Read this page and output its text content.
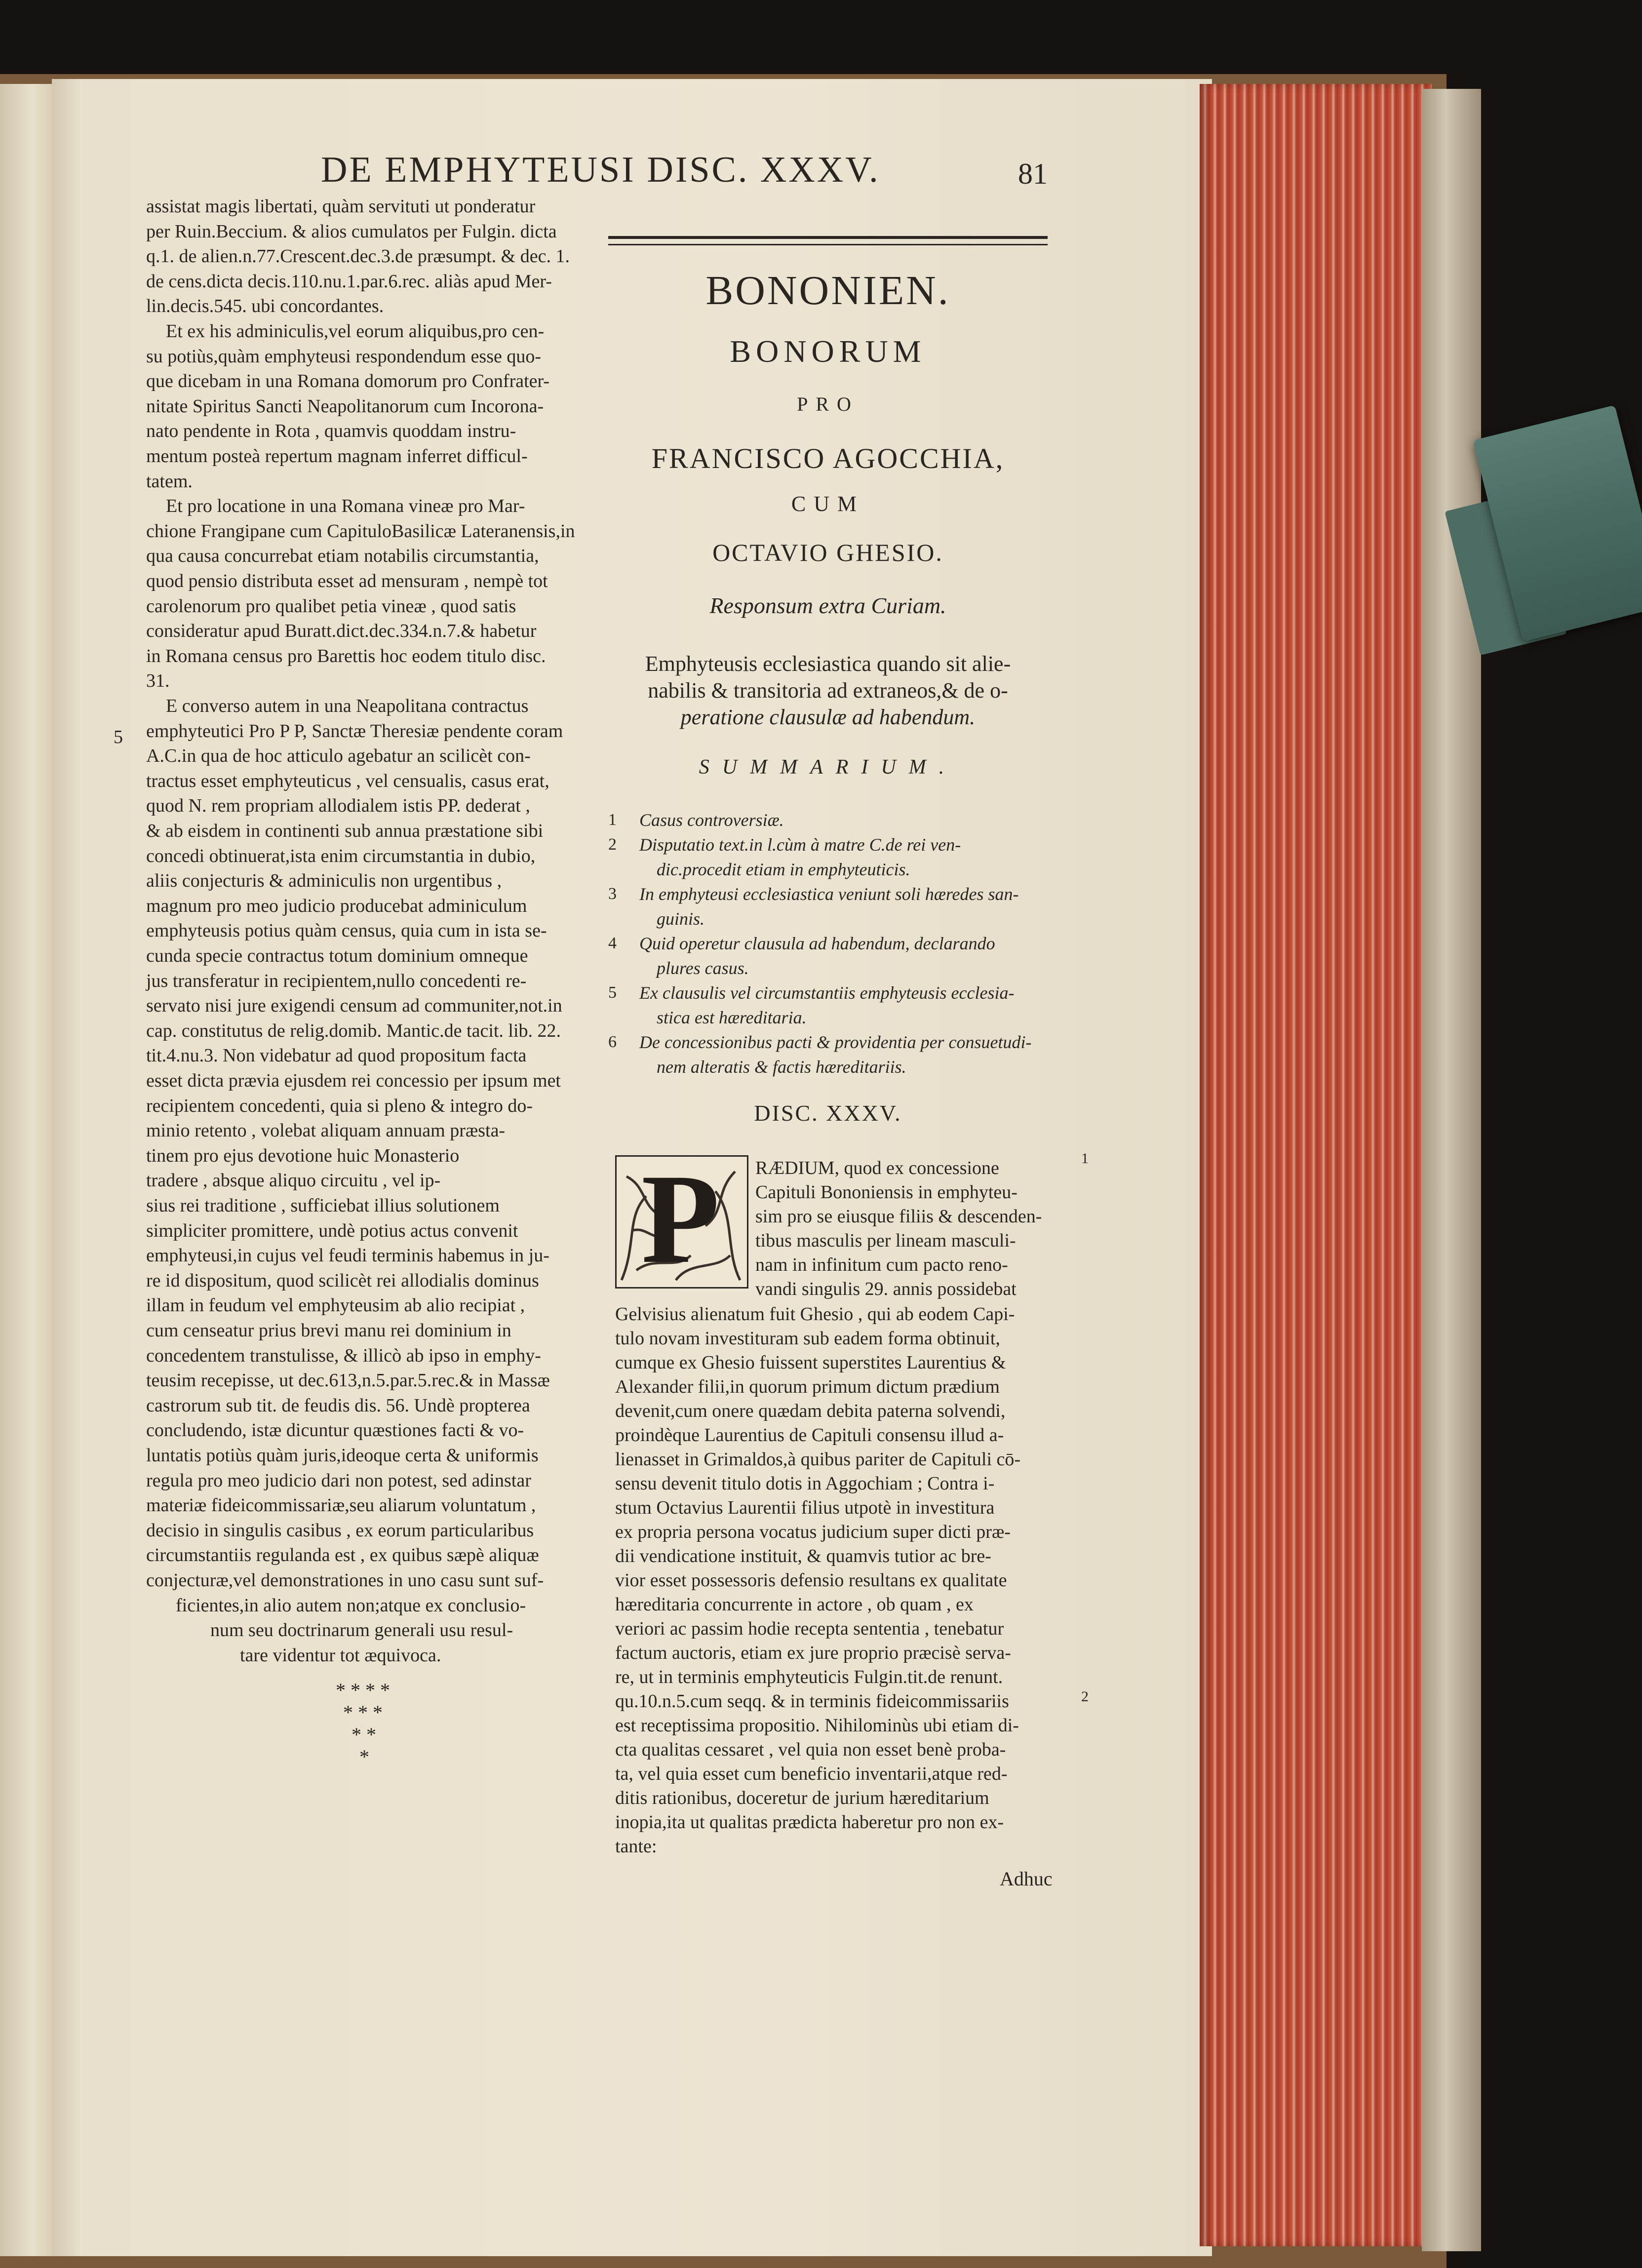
DE EMPHYTEUSI DISC. XXXV.	81
assistat magis libertati, quàm servituti ut ponderatur
per Ruin.Beccium. & alios cumulatos per Fulgin. dicta
q.1. de alien.n.77.Crescent.dec.3.de præsumpt. & dec. 1.
de cens.dicta decis.110.nu.1.par.6.rec. aliàs apud Mer-
lin.decis.545. ubi concordantes.
Et ex his adminiculis,vel eorum aliquibus,pro cen-
su potiùs,quàm emphyteusi respondendum esse quo-
que dicebam in una Romana domorum pro Confrater-
nitate Spiritus Sancti Neapolitanorum cum Incorona-
nato pendente in Rota , quamvis quoddam instru-
mentum posteà repertum magnam inferret difficul-
tatem.
Et pro locatione in una Romana vineæ pro Mar-
chione Frangipane cum CapituloBasilicæ Lateranensis,in
qua causa concurrebat etiam notabilis circumstantia,
quod pensio distributa esset ad mensuram , nempè tot
carolenorum pro qualibet petia vineæ , quod satis
consideratur apud Buratt.dict.dec.334.n.7.& habetur
in Romana census pro Barettis hoc eodem titulo disc.
31.
E converso autem in una Neapolitana contractus
emphyteutici Pro P P, Sanctæ Theresiæ pendente coram
A.C.in qua de hoc atticulo agebatur an scilicèt con-
tractus esset emphyteuticus , vel censualis, casus erat,
quod N. rem propriam allodialem istis PP. dederat ,
& ab eisdem in continenti sub annua præstatione sibi
concedi obtinuerat,ista enim circumstantia in dubio,
aliis conjecturis & adminiculis non urgentibus ,
magnum pro meo judicio producebat adminiculum
emphyteusis potius quàm census, quia cum in ista se-
cunda specie contractus totum dominium omneque
jus transferatur in recipientem,nullo concedenti re-
servato nisi jure exigendi censum ad communiter,not.in
cap. constitutus de relig.domib. Mantic.de tacit. lib. 22.
tit.4.nu.3. Non videbatur ad quod propositum facta
esset dicta prævia ejusdem rei concessio per ipsum met
recipientem concedenti, quia si pleno & integro do-
minio retento , volebat aliquam annuam præsta-
tinem pro ejus devotione huic Monasterio
tradere , absque aliquo circuitu , vel ip-
sius rei traditione , sufficiebat illius solutionem
simpliciter promittere, undè potius actus convenit
emphyteusi,in cujus vel feudi terminis habemus in ju-
re id dispositum, quod scilicèt rei allodialis dominus
illam in feudum vel emphyteusim ab alio recipiat ,
cum censeatur prius brevi manu rei dominium in
concedentem transtulisse, & illicò ab ipso in emphy-
teusim recepisse, ut dec.613,n.5.par.5.rec.& in Massæ
castrorum sub tit. de feudis dis. 56. Undè propterea
concludendo, istæ dicuntur quæstiones facti & vo-
luntatis potiùs quàm juris,ideoque certa & uniformis
regula pro meo judicio dari non potest, sed adinstar
materiæ fideicommissariæ,seu aliarum voluntatum ,
decisio in singulis casibus , ex eorum particularibus
circumstantiis regulanda est , ex quibus sæpè aliquæ
conjecturæ,vel demonstrationes in uno casu sunt suf-
ficientes,in alio autem non;atque ex conclusio-
num seu doctrinarum generali usu resul-
tare videntur tot æquivoca.
5
* * * *
* * *
* *
*
BONONIEN.
BONORUM
PRO
FRANCISCO AGOCCHIA,
CUM
OCTAVIO GHESIO.
Responsum extra Curiam.
Emphyteusis ecclesiastica quando sit alie-
nabilis & transitoria ad extraneos,& de o-
peratione clausulæ ad habendum.
SUMMARIUM.
1 Casus controversiæ.
2 Disputatio text.in l.cùm à matre C.de rei ven-
dic.procedit etiam in emphyteuticis.
3 In emphyteusi ecclesiastica veniunt soli hæredes san-
guinis.
4 Quid operetur clausula ad habendum, declarando
plures casus.
5 Ex clausulis vel circumstantiis emphyteusis ecclesia-
stica est hæreditaria.
6 De concessionibus pacti & providentia per consuetudi-
nem alteratis & factis hæreditariis.
DISC. XXXV.
P RÆDIUM, quod ex concessione
Capituli Bononiensis in emphyteu-
sim pro se eiusque filiis & descenden-
tibus masculis per lineam masculi-
nam in infinitum cum pacto reno-
vandi singulis 29. annis possidebat
Gelvisius alienatum fuit Ghesio , qui ab eodem Capi-
tulo novam investituram sub eadem forma obtinuit,
cumque ex Ghesio fuissent superstites Laurentius &
Alexander filii,in quorum primum dictum prædium
devenit,cum onere quædam debita paterna solvendi,
proindèque Laurentius de Capituli consensu illud a-
lienasset in Grimaldos,à quibus pariter de Capituli cō-
sensu devenit titulo dotis in Aggochiam ; Contra i-
stum Octavius Laurentii filius utpotè in investitura
ex propria persona vocatus judicium super dicti præ-
dii vendicatione instituit, & quamvis tutior ac bre-
vior esset possessoris defensio resultans ex qualitate
hæreditaria concurrente in actore , ob quam , ex
veriori ac passim hodie recepta sententia , tenebatur
factum auctoris, etiam ex jure proprio præcisè serva-
re, ut in terminis emphyteuticis Fulgin.tit.de renunt.
qu.10.n.5.cum seqq. & in terminis fideicommissariis
est receptissima propositio. Nihilominùs ubi etiam di-
cta qualitas cessaret , vel quia non esset benè proba-
ta, vel quia esset cum beneficio inventarii,atque red-
ditis rationibus, doceretur de jurium hæreditarium
inopia,ita ut qualitas prædicta haberetur pro non ex-
tante:
Adhuc
1
2
